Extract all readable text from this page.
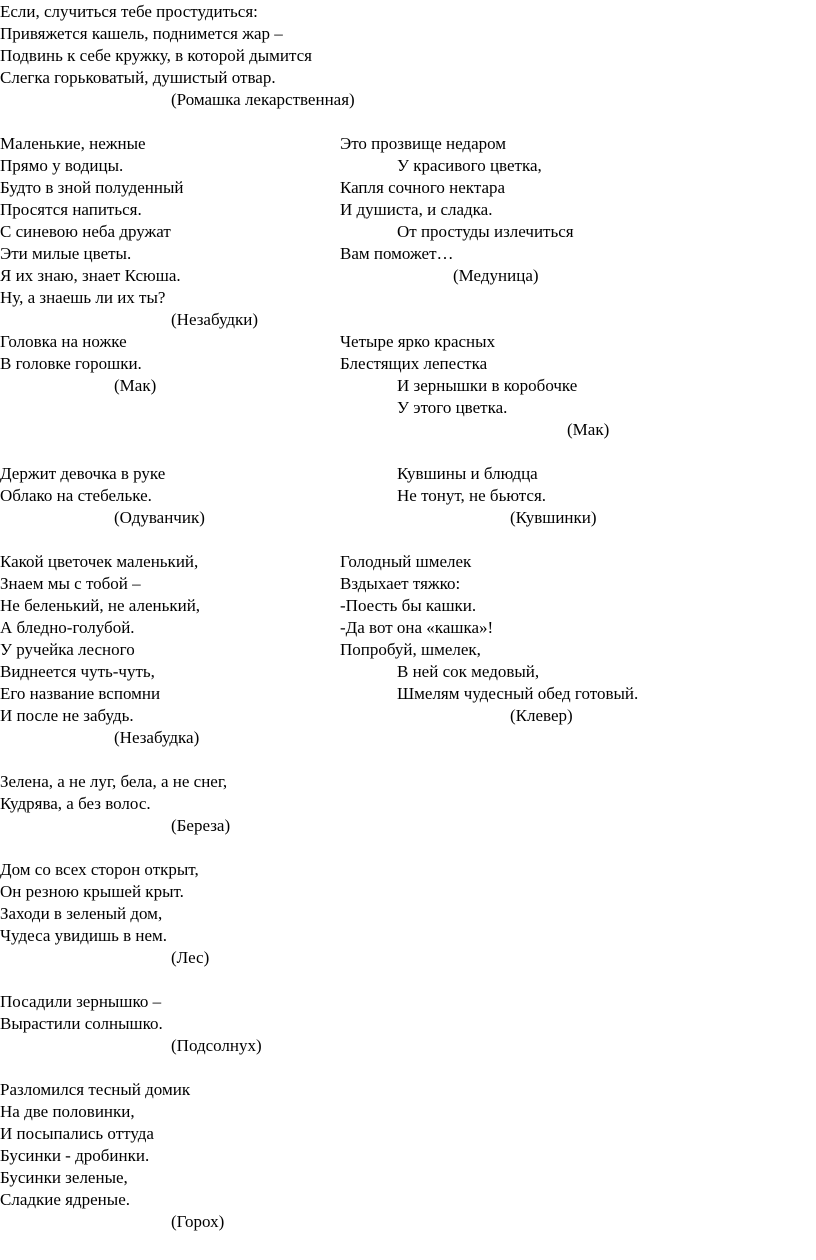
Если, случиться тебе простудиться:
Привяжется кашель, поднимется жар –
Подвинь к себе кружку, в которой дымится
Слегка горьковатый, душистый отвар.
(Ромашка лекарственная)
Маленькие, нежные
Прямо у водицы.
Будто в зной полуденный
Просятся напиться.
С синевою неба дружат
Эти милые цветы.
Я их знаю, знает Ксюша.
Ну, а знаешь ли их ты?
(Незабудки)
Это прозвище недаром
У красивого цветка,
Капля сочного нектара
И душиста, и сладка.
От простуды излечиться
Вам поможет…
(Медуница)
Головка на ножке
В головке горошки.
(Мак)
Четыре ярко красных
Блестящих лепестка
И зернышки в коробочке
У этого цветка.
(Мак)
Держит девочка в руке
Облако на стебельке.
(Одуванчик)
Кувшины и блюдца
Не тонут, не бьются.
(Кувшинки)
Какой цветочек маленький,
Знаем мы с тобой –
Не беленький, не аленький,
А бледно-голубой.
У ручейка лесного
Виднеется чуть-чуть,
Его название вспомни
И после не забудь.
(Незабудка)
Голодный шмелек
Вздыхает тяжко:
-Поесть бы кашки.
-Да вот она «кашка»!
Попробуй, шмелек,
В ней сок медовый,
Шмелям чудесный обед готовый.
(Клевер)
Зелена, а не луг, бела, а не снег,
Кудрява, а без волос.
(Береза)
Дом со всех сторон открыт,
Он резною крышей крыт.
Заходи в зеленый дом,
Чудеса увидишь в нем.
(Лес)
Посадили зернышко –
Вырастили солнышко.
(Подсолнух)
Разломился тесный домик
На две половинки,
И посыпались оттуда
Бусинки - дробинки.
Бусинки зеленые,
Сладкие ядреные.
(Горох)
